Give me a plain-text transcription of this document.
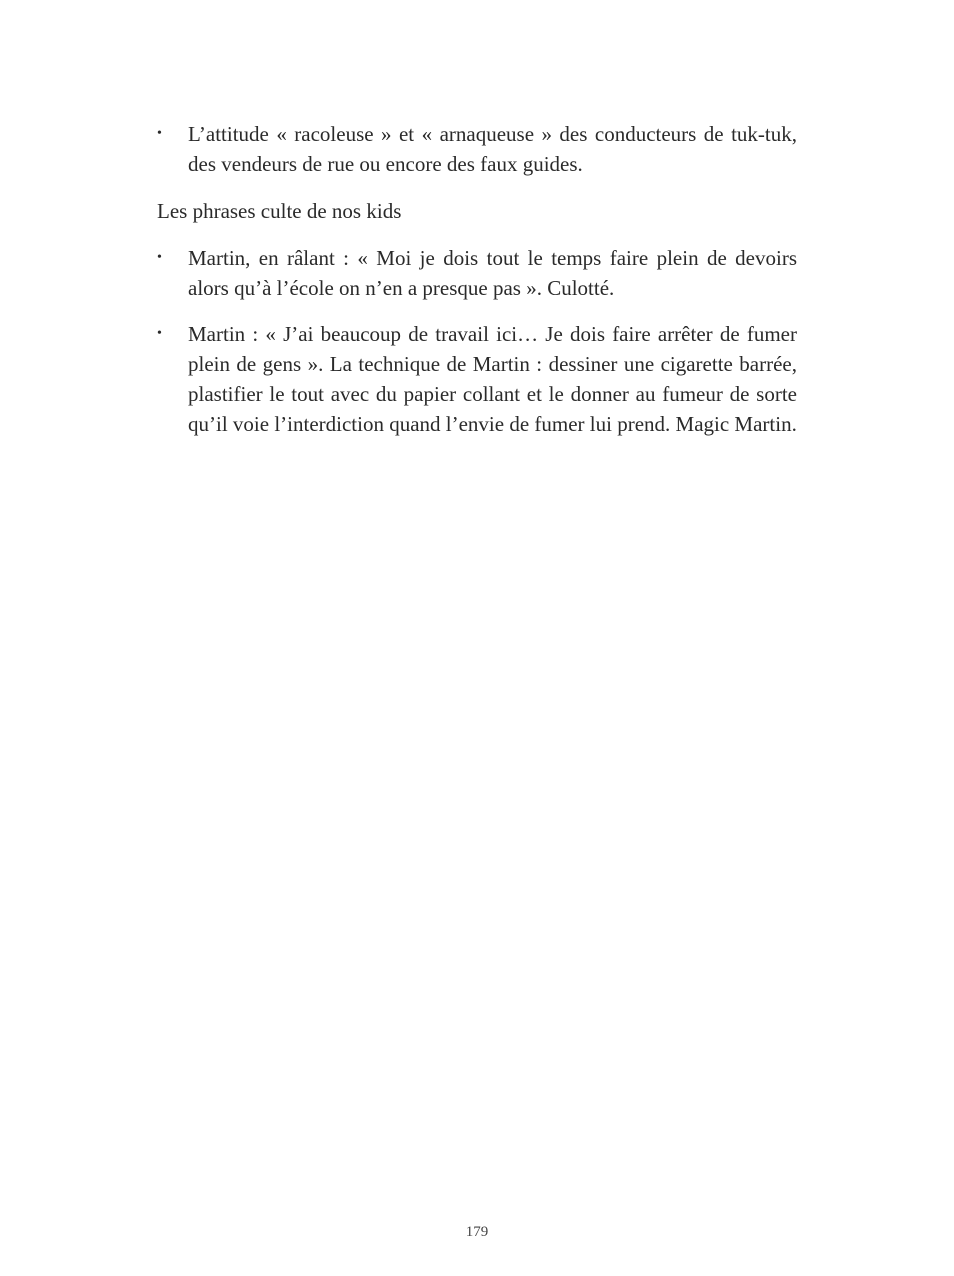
• L’attitude « racoleuse » et « arnaqueuse » des conducteurs de tuk-tuk, des vendeurs de rue ou encore des faux guides.
Les phrases culte de nos kids
• Martin, en râlant : « Moi je dois tout le temps faire plein de devoirs alors qu’à l’école on n’en a presque pas ». Culotté.
• Martin : « J’ai beaucoup de travail ici… Je dois faire arrêter de fumer plein de gens ». La technique de Martin : dessiner une cigarette barrée, plastifier le tout avec du papier collant et le donner au fumeur de sorte qu’il voie l’interdiction quand l’envie de fumer lui prend. Magic Martin.
179
